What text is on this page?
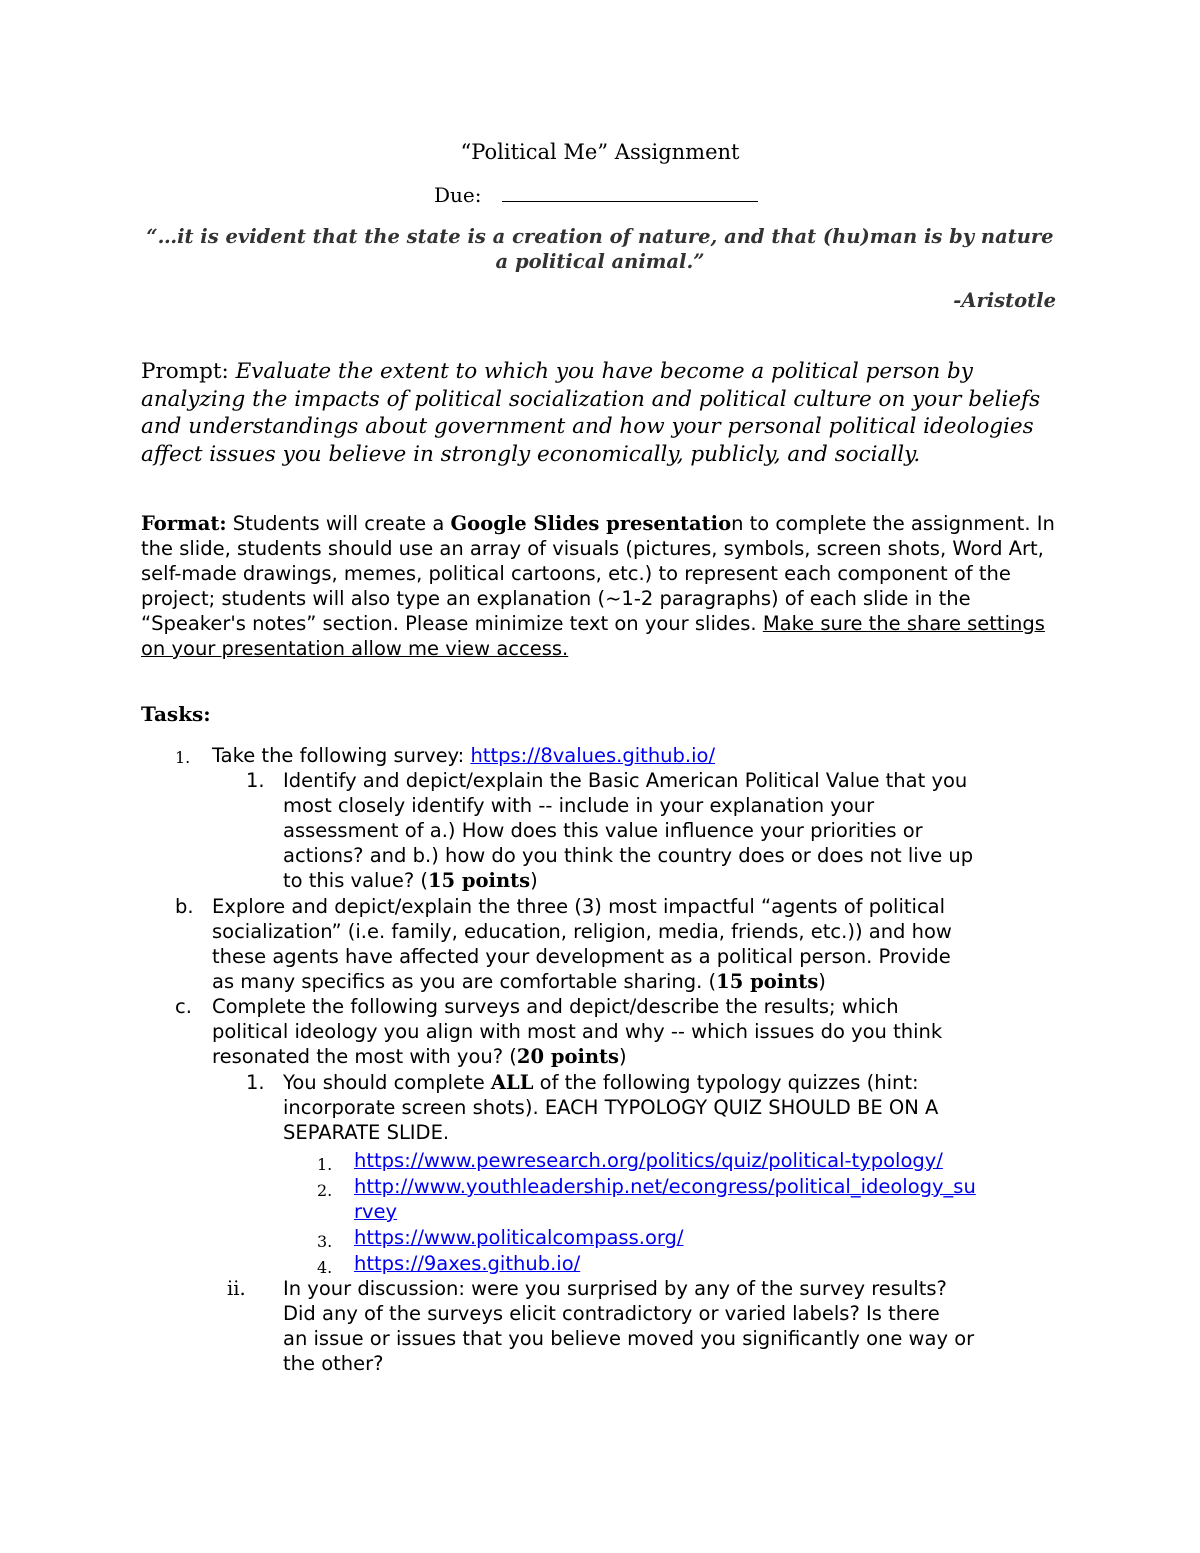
“Political Me” Assignment
Due:
“…it is evident that the state is a creation of nature, and that (hu)man is by nature a political animal.”
-Aristotle
Prompt: Evaluate the extent to which you have become a political person by analyzing the impacts of political socialization and political culture on your beliefs and understandings about government and how your personal political ideologies affect issues you believe in strongly economically, publicly, and socially.
Format: Students will create a Google Slides presentation to complete the assignment. In the slide, students should use an array of visuals (pictures, symbols, screen shots, Word Art, self-made drawings, memes, political cartoons, etc.) to represent each component of the project; students will also type an explanation (~1-2 paragraphs) of each slide in the “Speaker's notes” section. Please minimize text on your slides. Make sure the share settings on your presentation allow me view access.
Tasks:
1. Take the following survey: https://8values.github.io/
1. Identify and depict/explain the Basic American Political Value that you
most closely identify with -- include in your explanation your
assessment of a.) How does this value influence your priorities or
actions? and b.) how do you think the country does or does not live up
to this value? (15 points)
b. Explore and depict/explain the three (3) most impactful “agents of political
socialization” (i.e. family, education, religion, media, friends, etc.)) and how
these agents have affected your development as a political person. Provide
as many specifics as you are comfortable sharing. (15 points)
c. Complete the following surveys and depict/describe the results; which
political ideology you align with most and why -- which issues do you think
resonated the most with you? (20 points)
1. You should complete ALL of the following typology quizzes (hint:
incorporate screen shots). EACH TYPOLOGY QUIZ SHOULD BE ON A
SEPARATE SLIDE.
1. https://www.pewresearch.org/politics/quiz/political-typology/
2. http://www.youthleadership.net/econgress/political_ideology_su
rvey
3. https://www.politicalcompass.org/
4. https://9axes.github.io/
ii. In your discussion: were you surprised by any of the survey results?
Did any of the surveys elicit contradictory or varied labels? Is there
an issue or issues that you believe moved you significantly one way or
the other?
